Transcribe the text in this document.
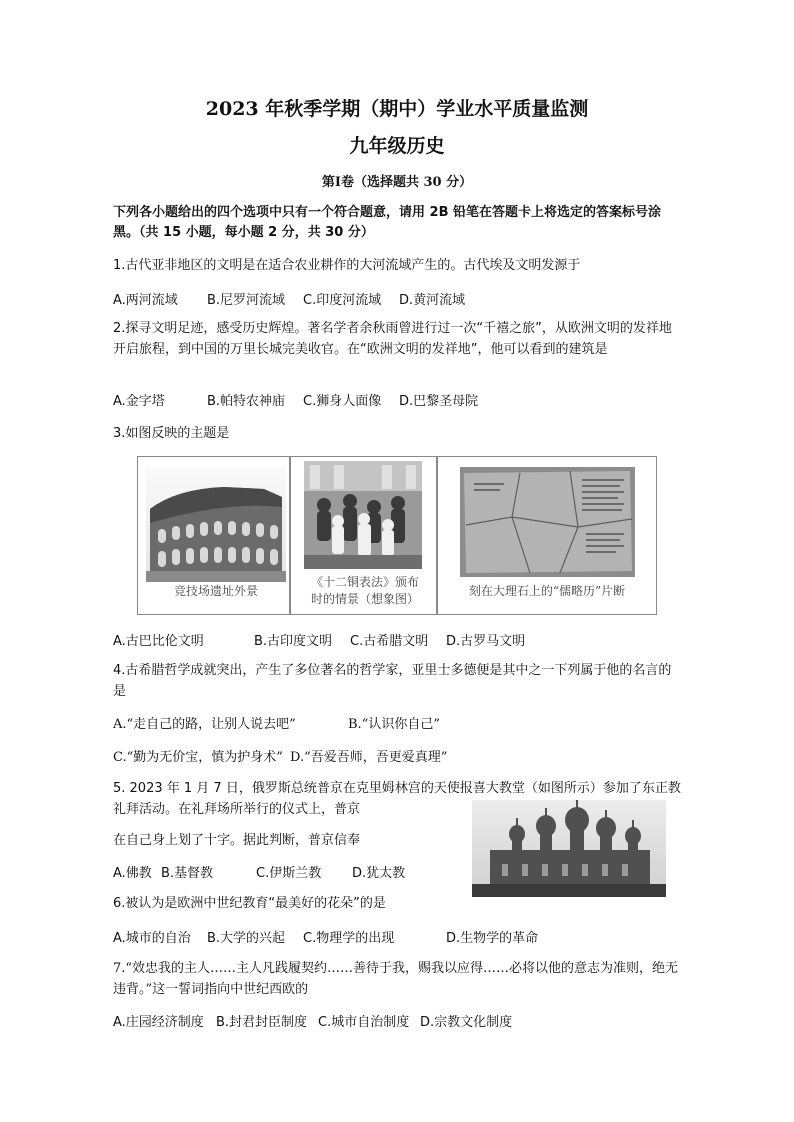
2023 年秋季学期（期中）学业水平质量监测
九年级历史
第Ⅰ卷（选择题共 30 分）
下列各小题给出的四个选项中只有一个符合题意，请用 2B 铅笔在答题卡上将选定的答案标号涂黑。（共 15 小题，每小题 2 分，共 30 分）
1.古代亚非地区的文明是在适合农业耕作的大河流域产生的。古代埃及文明发源于
A.两河流域 B.尼罗河流域 C.印度河流域 D.黄河流域
2.探寻文明足迹，感受历史辉煌。著名学者余秋雨曾进行过一次“千禧之旅”，从欧洲文明的发祥地开启旅程，到中国的万里长城完美收官。在“欧洲文明的发祥地”，他可以看到的建筑是
A.金字塔	B.帕特农神庙 C.狮身人面像 D.巴黎圣母院
3.如图反映的主题是
《十二铜表法》颁布
时的情景（想象图）
竞技场遗址外景	刻在大理石上的“儒略历”片断
A.古巴比伦文明	B.古印度文明 C.古希腊文明 D.古罗马文明
4.古希腊哲学成就突出，产生了多位著名的哲学家，亚里士多德便是其中之一下列属于他的名言的是
A.“走自己的路，让别人说去吧”	B.“认识你自己”
C.“勤为无价宝，慎为护身术” D.“吾爱吾师，吾更爱真理”
5. 2023 年 1 月 7 日，俄罗斯总统普京在克里姆林宫的天使报喜大教堂（如图所示）参加了东正教礼拜活动。在礼拜场所举行的仪式上，普京
在自己身上划了十字。据此判断，普京信奉
A.佛教 B.基督教	C.伊斯兰教 D.犹太教
6.被认为是欧洲中世纪教育“最美好的花朵”的是
A.城市的自治 B.大学的兴起 C.物理学的出现	D.生物学的革命
7.“效忠我的主人……主人凡践履契约……善待于我，赐我以应得……必将以他的意志为准则，绝无违背。”这一誓词指向中世纪西欧的
A.庄园经济制度 B.封君封臣制度 C.城市自治制度 D.宗教文化制度
